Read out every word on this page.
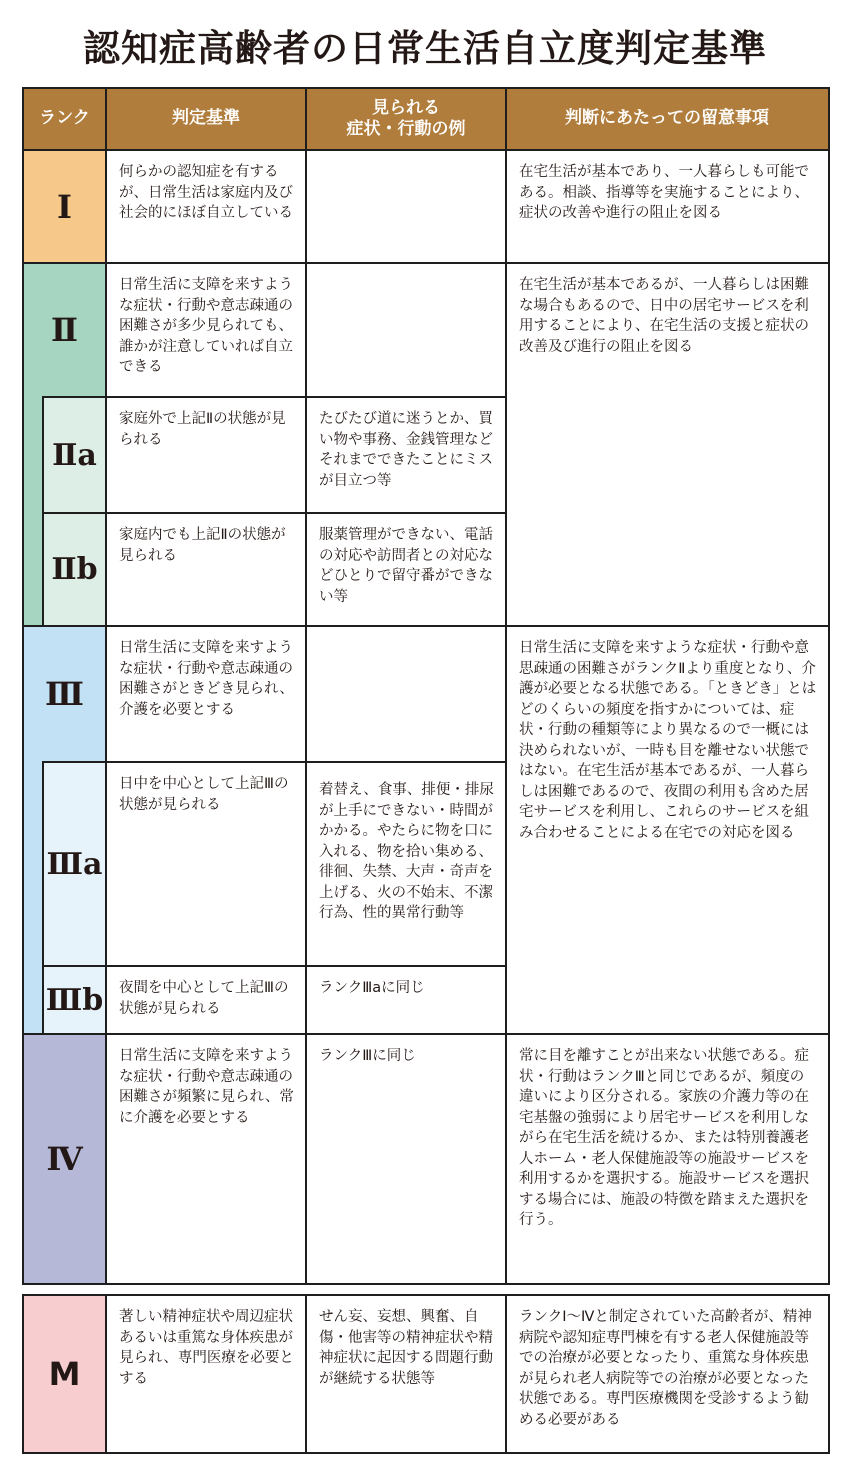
認知症高齢者の日常生活自立度判定基準
ランク	判定基準
見られる
症状・行動の例
判断にあたっての留意事項
Ⅰ
Ⅱ
Ⅱa
Ⅱb
Ⅲ
Ⅲa
Ⅲb
Ⅳ
何らかの認知症を有するが、日常生活は家庭内及び社会的にほぼ自立している
日常生活に支障を来すような症状・行動や意志疎通の困難さが多少見られても、誰かが注意していれば自立できる
家庭外で上記Ⅱの状態が見られる
家庭内でも上記Ⅱの状態が見られる
日常生活に支障を来すような症状・行動や意志疎通の困難さがときどき見られ、介護を必要とする
日中を中心として上記Ⅲの状態が見られる
夜間を中心として上記Ⅲの状態が見られる
日常生活に支障を来すような症状・行動や意志疎通の困難さが頻繁に見られ、常に介護を必要とする
たびたび道に迷うとか、買い物や事務、金銭管理などそれまでできたことにミスが目立つ等
服薬管理ができない、電話の対応や訪問者との対応などひとりで留守番ができない等
着替え、食事、排便・排尿が上手にできない・時間がかかる。やたらに物を口に入れる、物を拾い集める、徘徊、失禁、大声・奇声を上げる、火の不始末、不潔行為、性的異常行動等
ランクⅢaに同じ
ランクⅢに同じ
在宅生活が基本であり、一人暮らしも可能である。相談、指導等を実施することにより、症状の改善や進行の阻止を図る
在宅生活が基本であるが、一人暮らしは困難な場合もあるので、日中の居宅サービスを利用することにより、在宅生活の支援と症状の改善及び進行の阻止を図る
日常生活に支障を来すような症状・行動や意思疎通の困難さがランクⅡより重度となり、介護が必要となる状態である。「ときどき」とはどのくらいの頻度を指すかについては、症状・行動の種類等により異なるので一概には決められないが、一時も目を離せない状態ではない。在宅生活が基本であるが、一人暮らしは困難であるので、夜間の利用も含めた居宅サービスを利用し、これらのサービスを組み合わせることによる在宅での対応を図る
常に目を離すことが出来ない状態である。症状・行動はランクⅢと同じであるが、頻度の違いにより区分される。家族の介護力等の在宅基盤の強弱により居宅サービスを利用しながら在宅生活を続けるか、または特別養護老人ホーム・老人保健施設等の施設サービスを利用するかを選択する。施設サービスを選択する場合には、施設の特徴を踏まえた選択を行う。
M
著しい精神症状や周辺症状あるいは重篤な身体疾患が見られ、専門医療を必要とする
せん妄、妄想、興奮、自傷・他害等の精神症状や精神症状に起因する問題行動が継続する状態等
ランクⅠ～Ⅳと制定されていた高齢者が、精神病院や認知症専門棟を有する老人保健施設等での治療が必要となったり、重篤な身体疾患が見られ老人病院等での治療が必要となった状態である。専門医療機関を受診するよう勧める必要がある
